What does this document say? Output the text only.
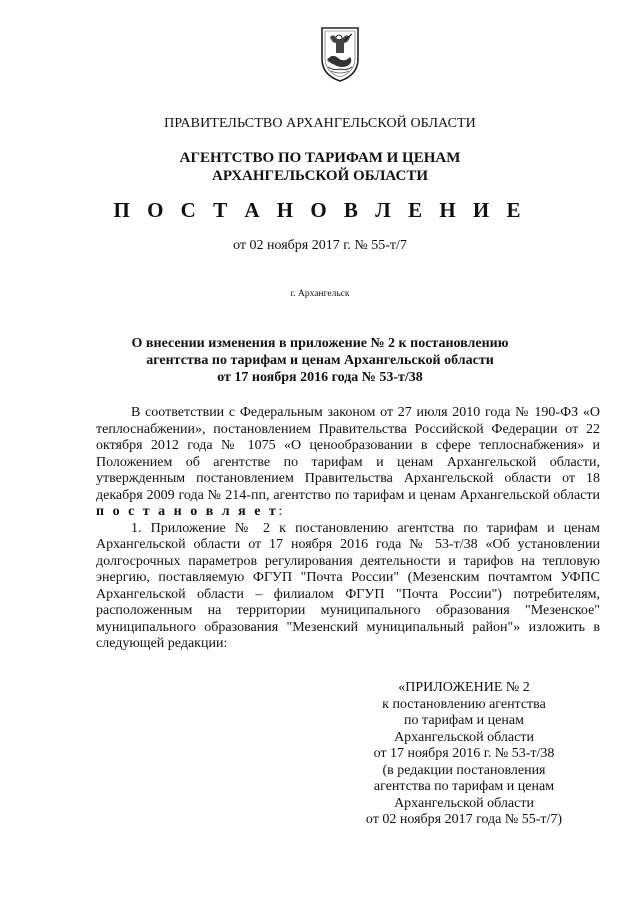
ПРАВИТЕЛЬСТВО АРХАНГЕЛЬСКОЙ ОБЛАСТИ
АГЕНТСТВО ПО ТАРИФАМ И ЦЕНАМ
АРХАНГЕЛЬСКОЙ ОБЛАСТИ
П О С Т А Н О В Л Е Н И Е
от 02 ноября 2017 г. № 55-т/7
г. Архангельск
О внесении изменения в приложение № 2 к постановлению
агентства по тарифам и ценам Архангельской области
от 17 ноября 2016 года № 53-т/38

В соответствии с Федеральным законом от 27 июля 2010 года № 190-ФЗ «О теплоснабжении», постановлением Правительства Российской Федерации от 22 октября 2012 года № 1075 «О ценообразовании в сфере теплоснабжения» и Положением об агентстве по тарифам и ценам Архангельской области, утвержденным постановлением Правительства Архангельской области от 18 декабря 2009 года № 214-пп, агентство по тарифам и ценам Архангельской области п о с т а н о в л я е т:

1. Приложение № 2 к постановлению агентства по тарифам и ценам Архангельской области от 17 ноября 2016 года № 53-т/38 «Об установлении долгосрочных параметров регулирования деятельности и тарифов на тепловую энергию, поставляемую ФГУП "Почта России" (Мезенским почтамтом УФПС Архангельской области – филиалом ФГУП "Почта России") потребителям, расположенным на территории муниципального образования "Мезенское" муниципального образования "Мезенский муниципальный район"» изложить в следующей редакции:

«ПРИЛОЖЕНИЕ № 2
к постановлению агентства
по тарифам и ценам
Архангельской области
от 17 ноября 2016 г. № 53-т/38
(в редакции постановления
агентства по тарифам и ценам
Архангельской области
от 02 ноября 2017 года № 55-т/7)
